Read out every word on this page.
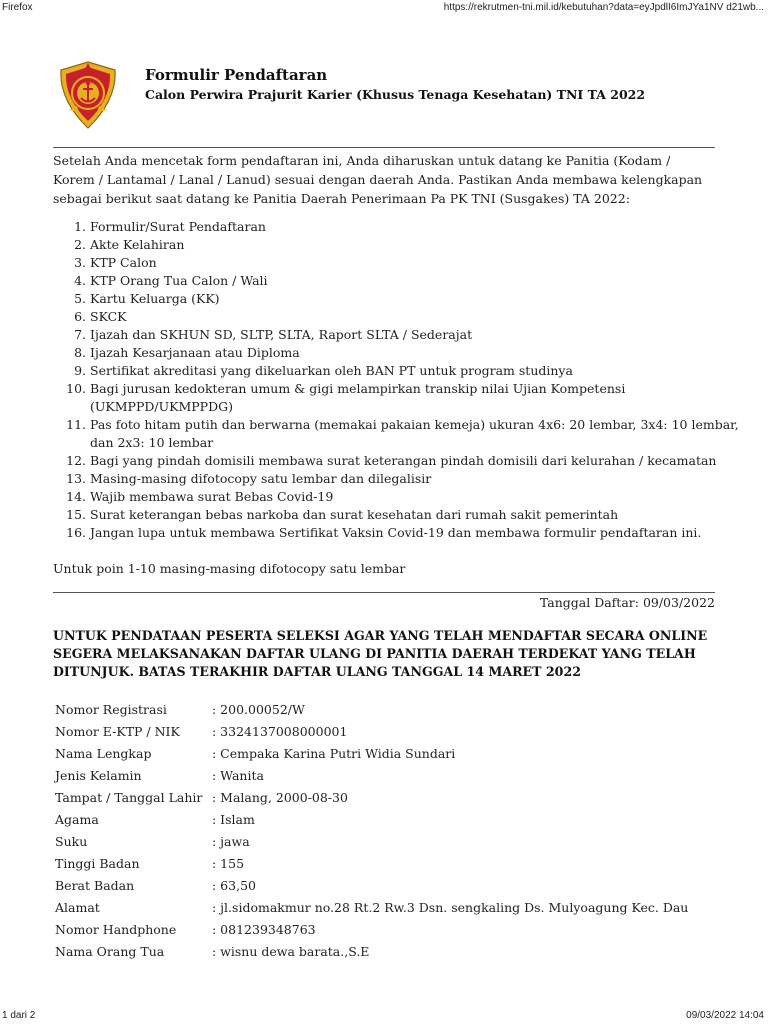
Firefox	https://rekrutmen-tni.mil.id/kebutuhan?data=eyJpdlI6ImJYa1NV d21wb...
Formulir Pendaftaran
Calon Perwira Prajurit Karier (Khusus Tenaga Kesehatan) TNI TA 2022
Setelah Anda mencetak form pendaftaran ini, Anda diharuskan untuk datang ke Panitia (Kodam / Korem / Lantamal / Lanal / Lanud) sesuai dengan daerah Anda. Pastikan Anda membawa kelengkapan sebagai berikut saat datang ke Panitia Daerah Penerimaan Pa PK TNI (Susgakes) TA 2022:
1. Formulir/Surat Pendaftaran
2. Akte Kelahiran
3. KTP Calon
4. KTP Orang Tua Calon / Wali
5. Kartu Keluarga (KK)
6. SKCK
7. Ijazah dan SKHUN SD, SLTP, SLTA, Raport SLTA / Sederajat
8. Ijazah Kesarjanaan atau Diploma
9. Sertifikat akreditasi yang dikeluarkan oleh BAN PT untuk program studinya
10. Bagi jurusan kedokteran umum & gigi melampirkan transkip nilai Ujian Kompetensi (UKMPPD/UKMPPDG)
11. Pas foto hitam putih dan berwarna (memakai pakaian kemeja) ukuran 4x6: 20 lembar, 3x4: 10 lembar, dan 2x3: 10 lembar
12. Bagi yang pindah domisili membawa surat keterangan pindah domisili dari kelurahan / kecamatan
13. Masing-masing difotocopy satu lembar dan dilegalisir
14. Wajib membawa surat Bebas Covid-19
15. Surat keterangan bebas narkoba dan surat kesehatan dari rumah sakit pemerintah
16. Jangan lupa untuk membawa Sertifikat Vaksin Covid-19 dan membawa formulir pendaftaran ini.
Untuk poin 1-10 masing-masing difotocopy satu lembar
Tanggal Daftar: 09/03/2022
UNTUK PENDATAAN PESERTA SELEKSI AGAR YANG TELAH MENDAFTAR SECARA ONLINE SEGERA MELAKSANAKAN DAFTAR ULANG DI PANITIA DAERAH TERDEKAT YANG TELAH DITUNJUK. BATAS TERAKHIR DAFTAR ULANG TANGGAL 14 MARET 2022
Nomor Registrasi	: 200.00052/W
Nomor E-KTP / NIK	: 3324137008000001
Nama Lengkap	: Cempaka Karina Putri Widia Sundari
Jenis Kelamin	: Wanita
Tampat / Tanggal Lahir	: Malang, 2000-08-30
Agama	: Islam
Suku	: jawa
Tinggi Badan	: 155
Berat Badan	: 63,50
Alamat	: jl.sidomakmur no.28 Rt.2 Rw.3 Dsn. sengkaling Ds. Mulyoagung Kec. Dau
Nomor Handphone	: 081239348763
Nama Orang Tua	: wisnu dewa barata.,S.E
1 dari 2	09/03/2022 14:04
